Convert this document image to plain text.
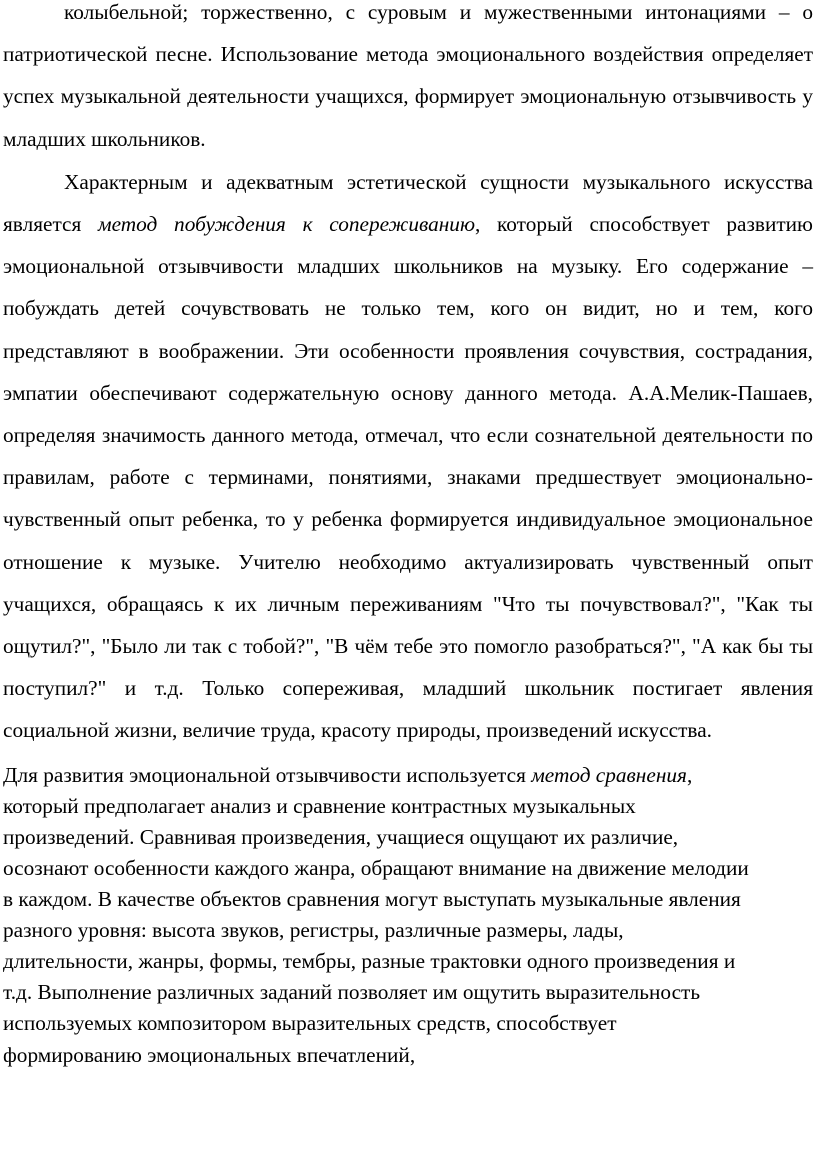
колыбельной; торжественно, с суровым и мужественными интонациями – о патриотической песне. Использование метода эмоционального воздействия определяет успех музыкальной деятельности учащихся, формирует эмоциональную отзывчивость у младших школьников.

Характерным и адекватным эстетической сущности музыкального искусства является метод побуждения к сопереживанию, который способствует развитию эмоциональной отзывчивости младших школьников на музыку. Его содержание – побуждать детей сочувствовать не только тем, кого он видит, но и тем, кого представляют в воображении. Эти особенности проявления сочувствия, сострадания, эмпатии обеспечивают содержательную основу данного метода. А.А.Мелик-Пашаев, определяя значимость данного метода, отмечал, что если сознательной деятельности по правилам, работе с терминами, понятиями, знаками предшествует эмоционально-чувственный опыт ребенка, то у ребенка формируется индивидуальное эмоциональное отношение к музыке. Учителю необходимо актуализировать чувственный опыт учащихся, обращаясь к их личным переживаниям "Что ты почувствовал?", "Как ты ощутил?", "Было ли так с тобой?", "В чём тебе это помогло разобраться?", "А как бы ты поступил?" и т.д. Только сопереживая, младший школьник постигает явления социальной жизни, величие труда, красоту природы, произведений искусства.

Для развития эмоциональной отзывчивости используется метод сравнения, который предполагает анализ и сравнение контрастных музыкальных произведений. Сравнивая произведения, учащиеся ощущают их различие, осознают особенности каждого жанра, обращают внимание на движение мелодии в каждом. В качестве объектов сравнения могут выступать музыкальные явления разного уровня: высота звуков, регистры, различные размеры, лады, длительности, жанры, формы, тембры, разные трактовки одного произведения и т.д. Выполнение различных заданий позволяет им ощутить выразительность используемых композитором выразительных средств, способствует формированию эмоциональных впечатлений,
